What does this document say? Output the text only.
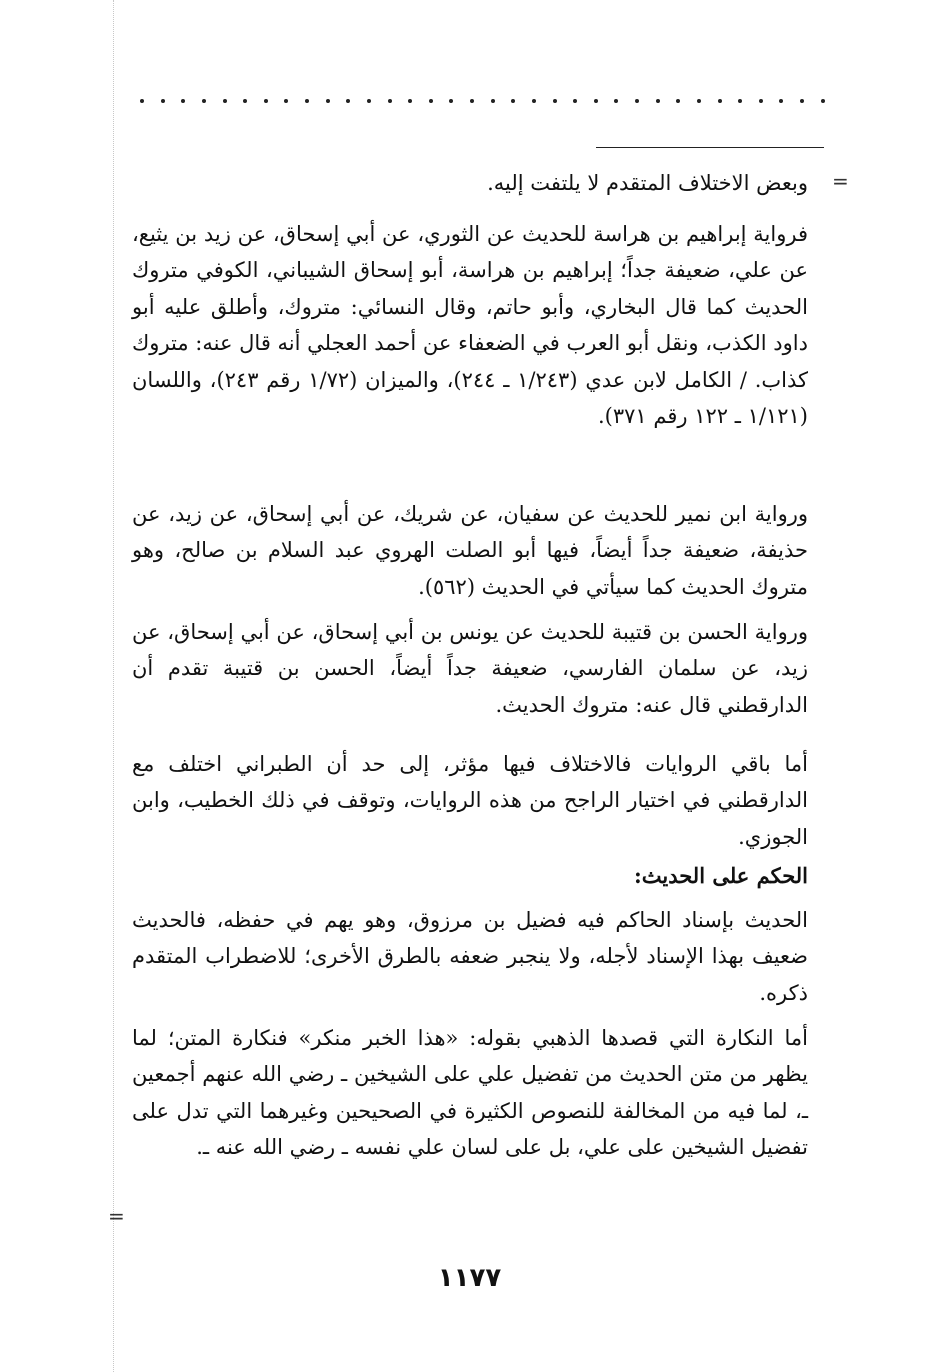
=

وبعض الاختلاف المتقدم لا يلتفت إليه.

فرواية إبراهيم بن هراسة للحديث عن الثوري، عن أبي إسحاق، عن زيد بن يثيع، عن علي، ضعيفة جداً؛ إبراهيم بن هراسة، أبو إسحاق الشيباني، الكوفي متروك الحديث كما قال البخاري، وأبو حاتم، وقال النسائي: متروك، وأطلق عليه أبو داود الكذب، ونقل أبو العرب في الضعفاء عن أحمد العجلي أنه قال عنه: متروك كذاب. / الكامل لابن عدي (١/٢٤٣ ـ ٢٤٤)، والميزان (١/٧٢ رقم ٢٤٣)، واللسان (١/١٢١ ـ ١٢٢ رقم ٣٧١).

ورواية ابن نمير للحديث عن سفيان، عن شريك، عن أبي إسحاق، عن زيد، عن حذيفة، ضعيفة جداً أيضاً، فيها أبو الصلت الهروي عبد السلام بن صالح، وهو متروك الحديث كما سيأتي في الحديث (٥٦٢).

ورواية الحسن بن قتيبة للحديث عن يونس بن أبي إسحاق، عن أبي إسحاق، عن زيد، عن سلمان الفارسي، ضعيفة جداً أيضاً، الحسن بن قتيبة تقدم أن الدارقطني قال عنه: متروك الحديث.

أما باقي الروايات فالاختلاف فيها مؤثر، إلى حد أن الطبراني اختلف مع الدارقطني في اختيار الراجح من هذه الروايات، وتوقف في ذلك الخطيب، وابن الجوزي.

الحكم على الحديث:

الحديث بإسناد الحاكم فيه فضيل بن مرزوق، وهو يهم في حفظه، فالحديث ضعيف بهذا الإسناد لأجله، ولا ينجبر ضعفه بالطرق الأخرى؛ للاضطراب المتقدم ذكره.

أما النكارة التي قصدها الذهبي بقوله: «هذا الخبر منكر» فنكارة المتن؛ لما يظهر من متن الحديث من تفضيل علي على الشيخين ـ رضي الله عنهم أجمعين ـ، لما فيه من المخالفة للنصوص الكثيرة في الصحيحين وغيرهما التي تدل على تفضيل الشيخين على علي، بل على لسان علي نفسه ـ رضي الله عنه ـ.

=
١١٧٧
